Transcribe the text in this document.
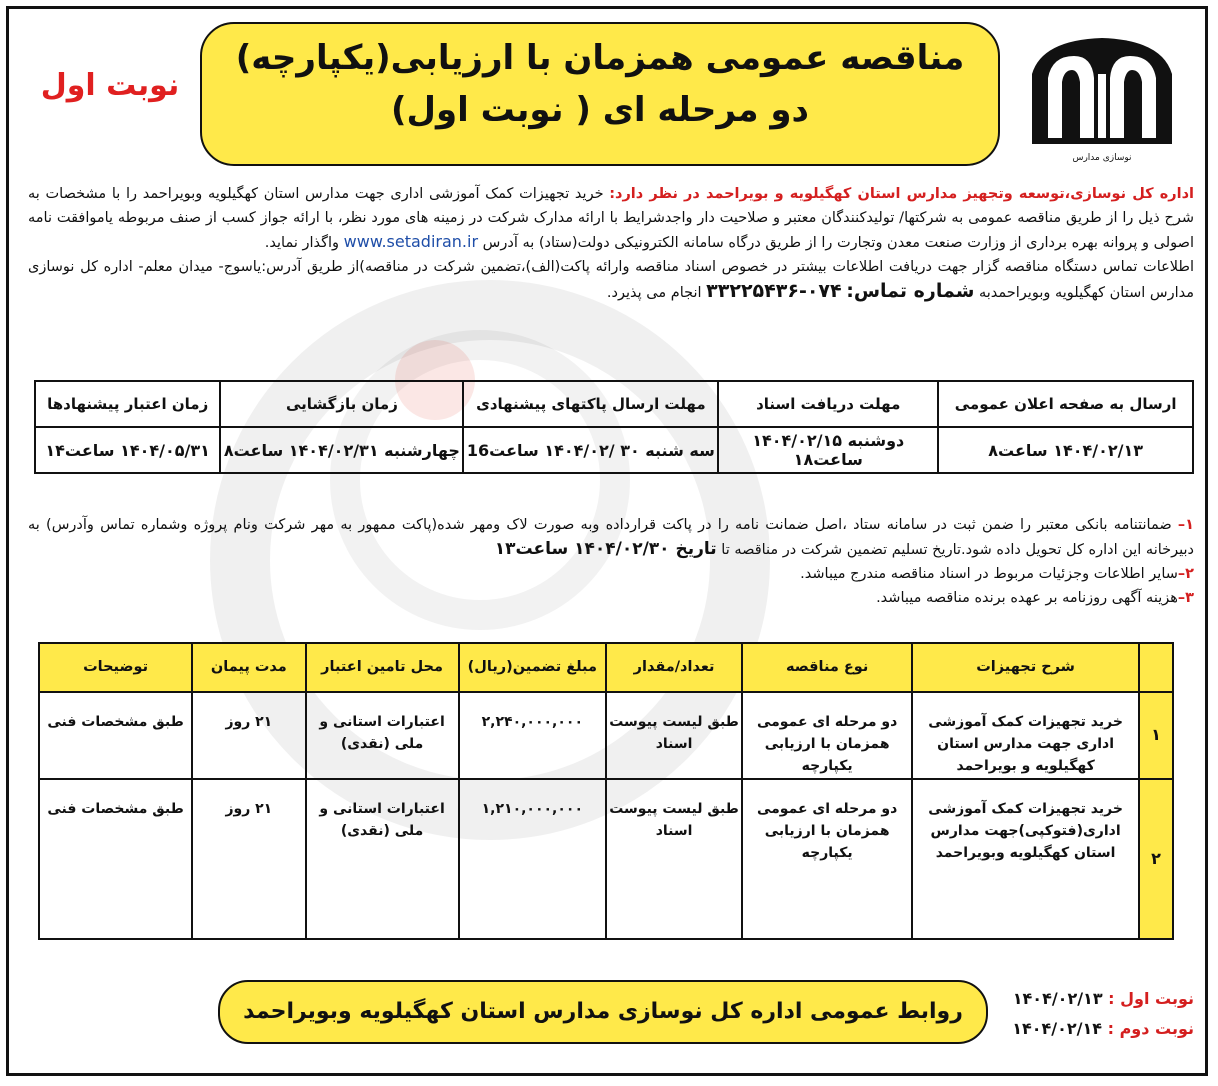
نوسازی مدارس
مناقصه عمومی همزمان با ارزیابی(یکپارچه)
دو مرحله ای ( نوبت اول)
نوبت اول
اداره کل نوسازی،توسعه وتجهیز مدارس استان کهگیلویه و بویراحمد در نظر دارد: خرید تجهیزات کمک آموزشی اداری جهت مدارس استان کهگیلویه وبویراحمد را با مشخصات به شرح ذیل را از طریق مناقصه عمومی به شرکتها/ تولیدکنندگان معتبر و صلاحیت دار واجدشرایط با ارائه مدارک شرکت در زمینه های مورد نظر، با ارائه جواز کسب از صنف مربوطه یاموافقت نامه اصولی و پروانه بهره برداری از وزارت صنعت معدن وتجارت را از طریق درگاه سامانه الکترونیکی دولت(ستاد) به آدرس www.setadiran.ir واگذار نماید.
اطلاعات تماس دستگاه مناقصه گزار جهت دریافت اطلاعات بیشتر در خصوص اسناد مناقصه وارائه پاکت(الف)،تضمین شرکت در مناقصه)از طریق آدرس:یاسوج- میدان معلم- اداره کل نوسازی مدارس استان کهگیلویه وبویراحمدبه شماره تماس: ۰۷۴-۳۳۲۲۵۴۳۶ انجام می پذیرد.
ارسال به صفحه اعلان عمومی	مهلت دریافت اسناد	مهلت ارسال پاکتهای پیشنهادی	زمان بازگشایی	زمان اعتبار پیشنهادها
۱۴۰۴/۰۲/۱۳ ساعت۸	دوشنبه ۱۴۰۴/۰۲/۱۵ ساعت۱۸	سه شنبه ۳۰ /۱۴۰۴/۰۲ ساعت16	چهارشنبه ۱۴۰۴/۰۲/۳۱ ساعت۸	۱۴۰۴/۰۵/۳۱ ساعت۱۴
۱– ضمانتنامه بانکی معتبر را ضمن ثبت در سامانه ستاد ،اصل ضمانت نامه را در پاکت قرارداده وبه صورت لاک ومهر شده(پاکت ممهور به مهر شرکت ونام پروژه وشماره تماس وآدرس) به دبیرخانه این اداره کل تحویل داده شود.تاریخ تسلیم تضمین شرکت در مناقصه تا تاریخ ۱۴۰۴/۰۲/۳۰ ساعت۱۳
۲–سایر اطلاعات وجزئیات مربوط در اسناد مناقصه مندرج میباشد.
۳–هزینه آگهی روزنامه بر عهده برنده مناقصه میباشد.
	شرح تجهیزات	نوع مناقصه	تعداد/مقدار	مبلغ تضمین(ریال)	محل تامین اعتبار	مدت پیمان	توضیحات
۱	خرید تجهیزات کمک آموزشی اداری جهت مدارس استان کهگیلویه و بویراحمد	دو مرحله ای عمومی همزمان با ارزیابی یکپارچه	طبق لیست پیوست اسناد	۲,۲۴۰,۰۰۰,۰۰۰	اعتبارات استانی و ملی (نقدی)	۲۱ روز	طبق مشخصات فنی
۲	خرید تجهیزات کمک آموزشی اداری(فتوکپی)جهت مدارس استان کهگیلویه وبویراحمد	دو مرحله ای عمومی همزمان با ارزیابی یکپارچه	طبق لیست پیوست اسناد	۱,۲۱۰,۰۰۰,۰۰۰	اعتبارات استانی و ملی (نقدی)	۲۱ روز	طبق مشخصات فنی
روابط عمومی اداره کل نوسازی مدارس استان کهگیلویه وبویراحمد
نوبت اول : ۱۴۰۴/۰۲/۱۳
نوبت دوم : ۱۴۰۴/۰۲/۱۴
